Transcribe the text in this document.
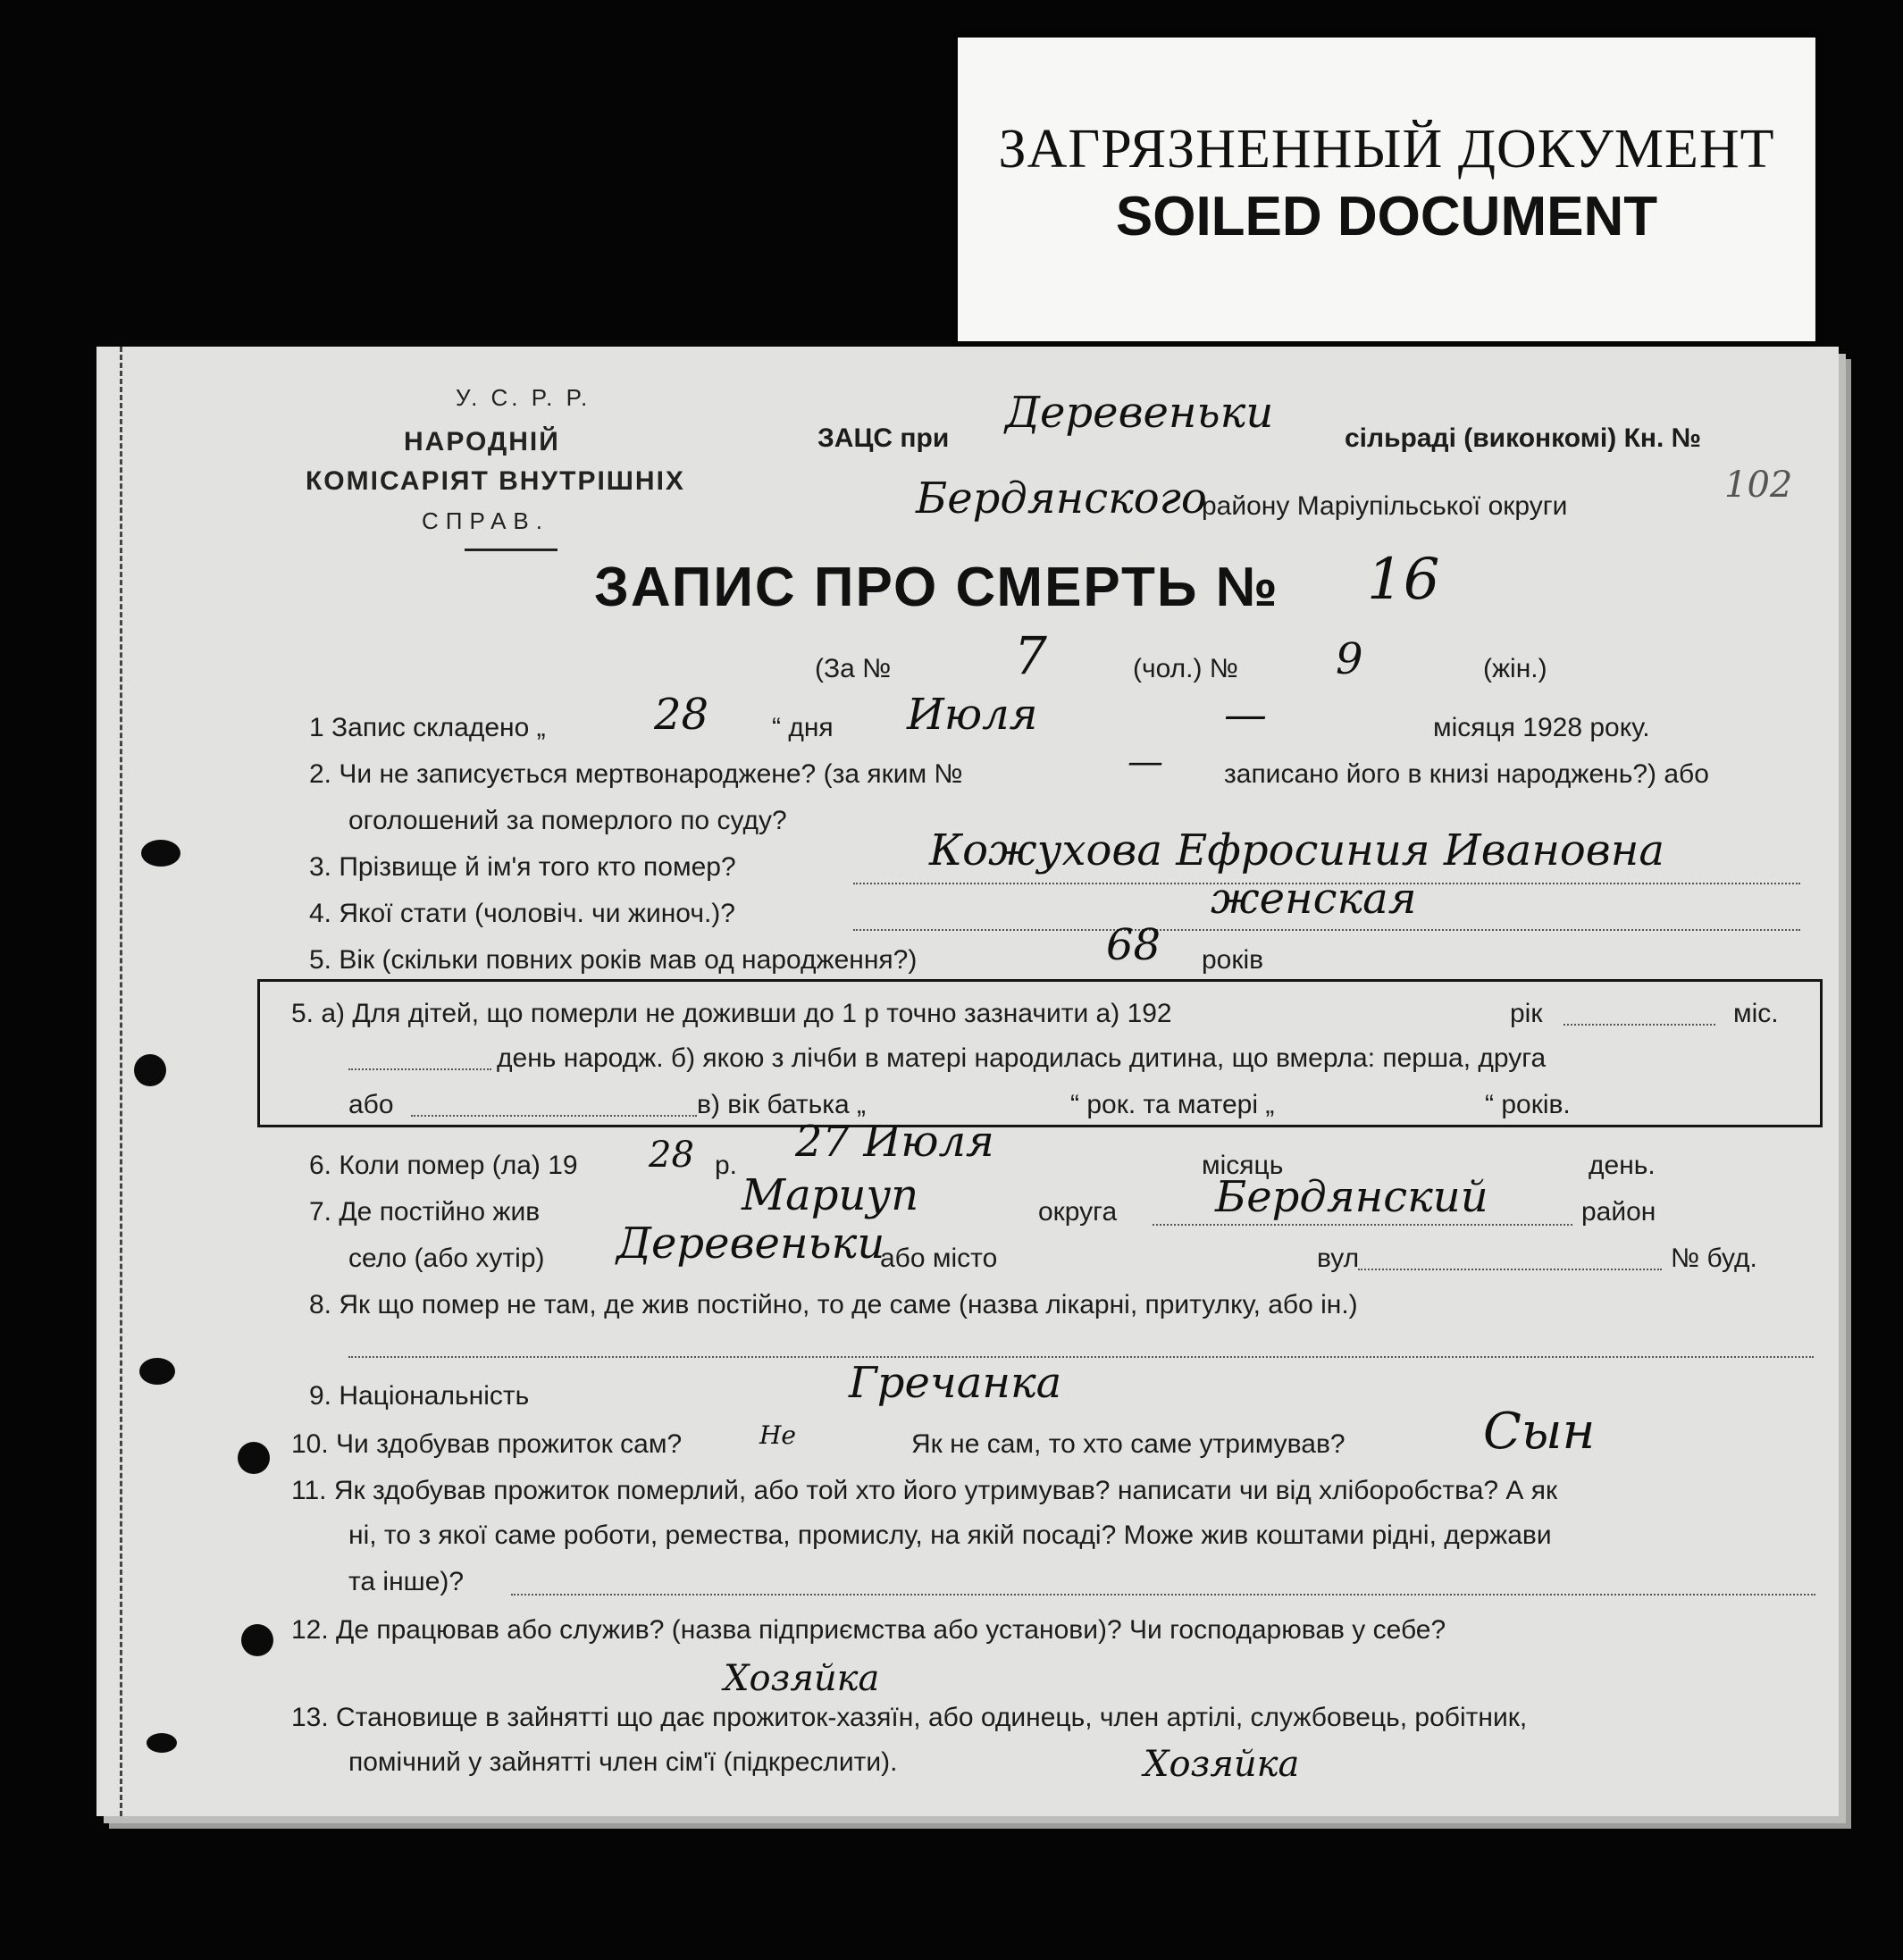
ЗАГРЯЗНЕННЫЙ ДОКУМЕНТ
SOILED DOCUMENT
У. С. Р. Р.
НАРОДНІЙ
КОМІСАРІЯТ ВНУТРІШНІХ
СПРАВ.
ЗАЦС при
Деревеньки
сільраді (виконкомі) Кн. №
102
Бердянского
району Маріупільської округи
ЗАПИС ПРО СМЕРТЬ № 16
(За № 7	(чол.) № 9	(жін.)
1 Запис складено „	28 “ дня Июля	—	місяця 1928 року.
2. Чи не записується мертвонароджене? (за яким №	— записано його в книзі народжень?) або
оголошений за померлого по суду?
3. Прізвище й ім'я того кто помер?	Кожуховa Ефросиния Ивановна
4. Якої стати (чоловіч. чи жиноч.)?	женская
5. Вік (скільки повних років мав од народження?)	68 років
5. а) Для дітей, що померли не доживши до 1 р точно зазначити а) 192	рік	міс.
день народж. б) якою з лічби в матері народилась дитина, що вмерла: перша, друга
або	в) вік батька „	“ рок. та матері „	“ років.
6. Коли помер (ла) 19 28 р. 27 Июля	місяць	день.
7. Де постійно жив	Мариуп	округа Бердянский	район
село (або хутір) Деревеньки
або місто	вул	№ буд.
8. Як що помер не там, де жив постійно, то де саме (назва лікарні, притулку, або ін.)
9. Національність	Гречанка
10. Чи здобував прожиток сам?	Не	Як не сам, то хто саме утримував?	Сын
11. Як здобував прожиток померлий, або той хто його утримував? написати чи від хліборобства? А як
ні, то з якої саме роботи, ремества, промислу, на якій посаді? Може жив коштами рідні, держави
та інше)?
12. Де працював або служив? (назва підприємства або установи)? Чи господарював у себе?
Хозяйка
13. Становище в зайнятті що дає прожиток-хазяїн, або одинець, член артілі, службовець, робітник,
помічний у зайнятті член сім'ї (підкреслити).	Хозяйка
